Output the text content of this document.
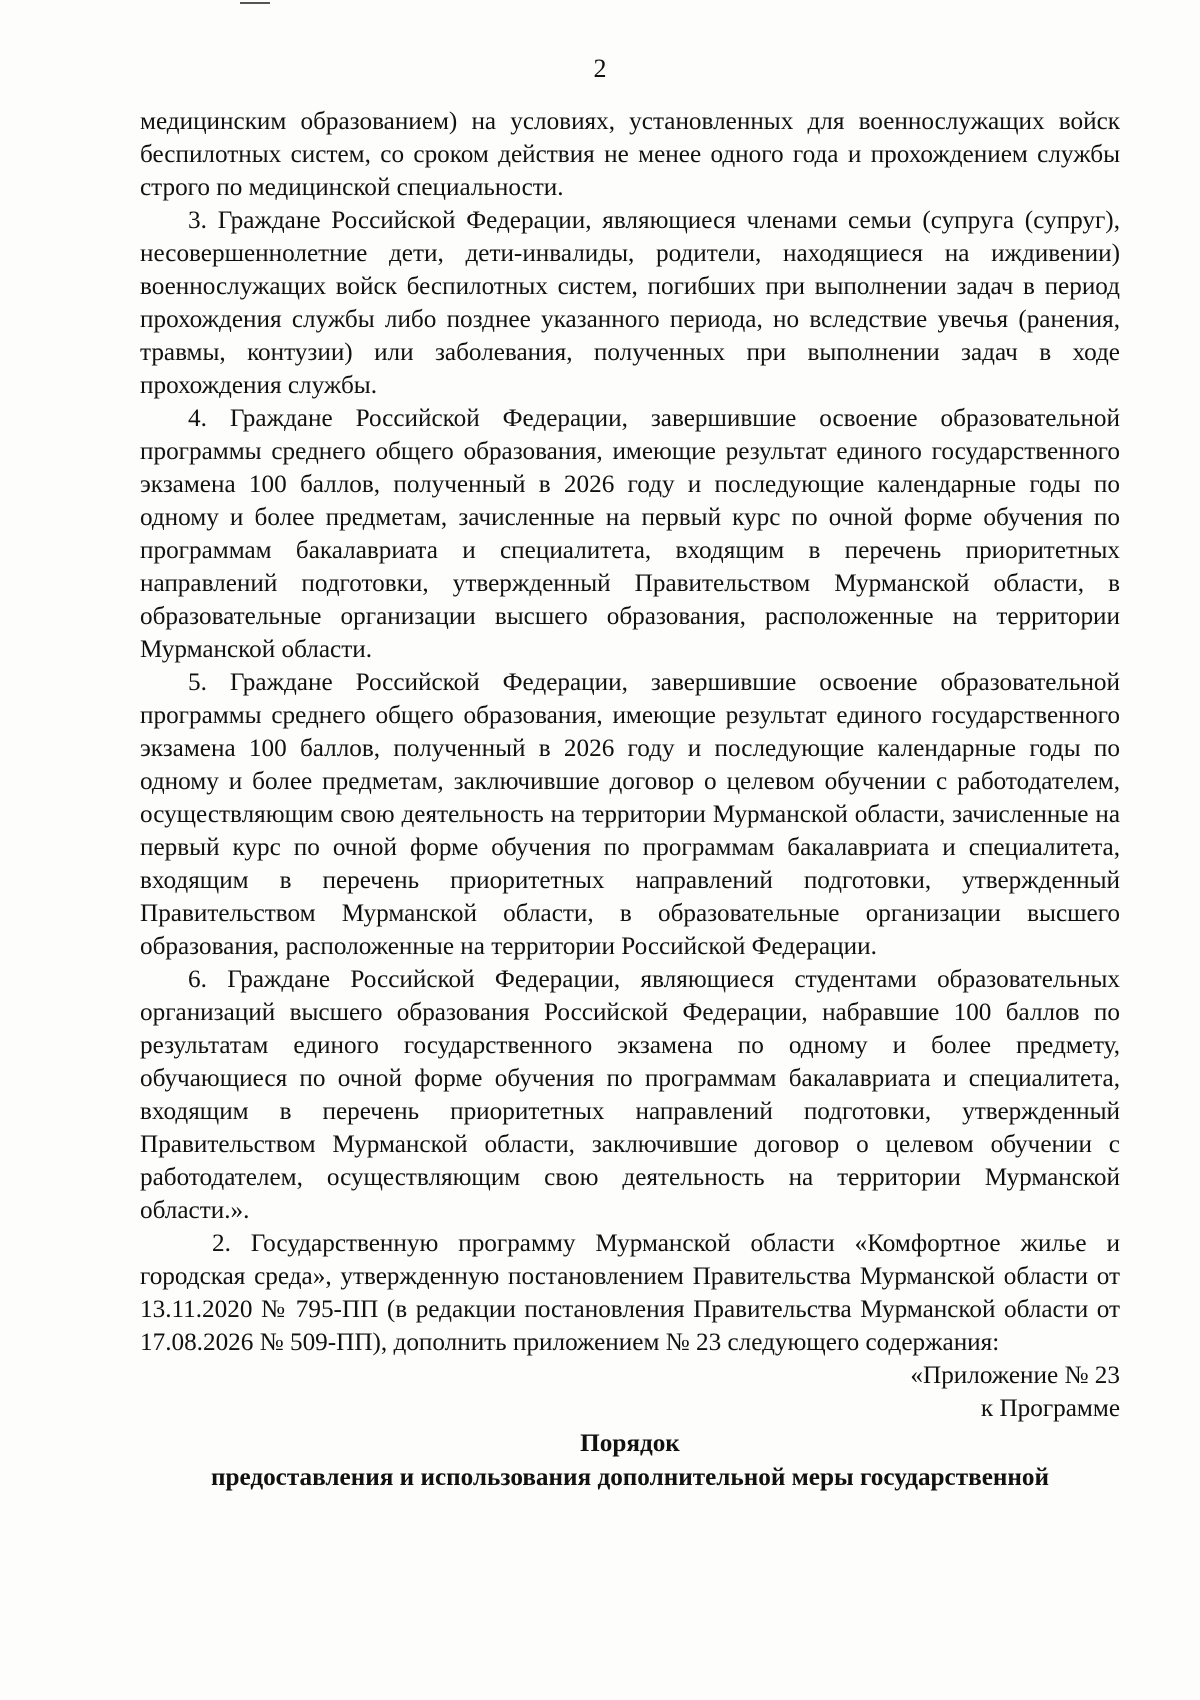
2

медицинским образованием) на условиях, установленных для военнослужащих войск беспилотных систем, со сроком действия не менее одного года и прохождением службы строго по медицинской специальности.

3. Граждане Российской Федерации, являющиеся членами семьи (супруга (супруг), несовершеннолетние дети, дети-инвалиды, родители, находящиеся на иждивении) военнослужащих войск беспилотных систем, погибших при выполнении задач в период прохождения службы либо позднее указанного периода, но вследствие увечья (ранения, травмы, контузии) или заболевания, полученных при выполнении задач в ходе прохождения службы.

4. Граждане Российской Федерации, завершившие освоение образовательной программы среднего общего образования, имеющие результат единого государственного экзамена 100 баллов, полученный в 2026 году и последующие календарные годы по одному и более предметам, зачисленные на первый курс по очной форме обучения по программам бакалавриата и специалитета, входящим в перечень приоритетных направлений подготовки, утвержденный Правительством Мурманской области, в образовательные организации высшего образования, расположенные на территории Мурманской области.

5. Граждане Российской Федерации, завершившие освоение образовательной программы среднего общего образования, имеющие результат единого государственного экзамена 100 баллов, полученный в 2026 году и последующие календарные годы по одному и более предметам, заключившие договор о целевом обучении с работодателем, осуществляющим свою деятельность на территории Мурманской области, зачисленные на первый курс по очной форме обучения по программам бакалавриата и специалитета, входящим в перечень приоритетных направлений подготовки, утвержденный Правительством Мурманской области, в образовательные организации высшего образования, расположенные на территории Российской Федерации.

6. Граждане Российской Федерации, являющиеся студентами образовательных организаций высшего образования Российской Федерации, набравшие 100 баллов по результатам единого государственного экзамена по одному и более предмету, обучающиеся по очной форме обучения по программам бакалавриата и специалитета, входящим в перечень приоритетных направлений подготовки, утвержденный Правительством Мурманской области, заключившие договор о целевом обучении с работодателем, осуществляющим свою деятельность на территории Мурманской области.».

2. Государственную программу Мурманской области «Комфортное жилье и городская среда», утвержденную постановлением Правительства Мурманской области от 13.11.2020 № 795-ПП (в редакции постановления Правительства Мурманской области от 17.08.2026 № 509-ПП), дополнить приложением № 23 следующего содержания:

«Приложение № 23
к Программе
Порядок
предоставления и использования дополнительной меры государственной
